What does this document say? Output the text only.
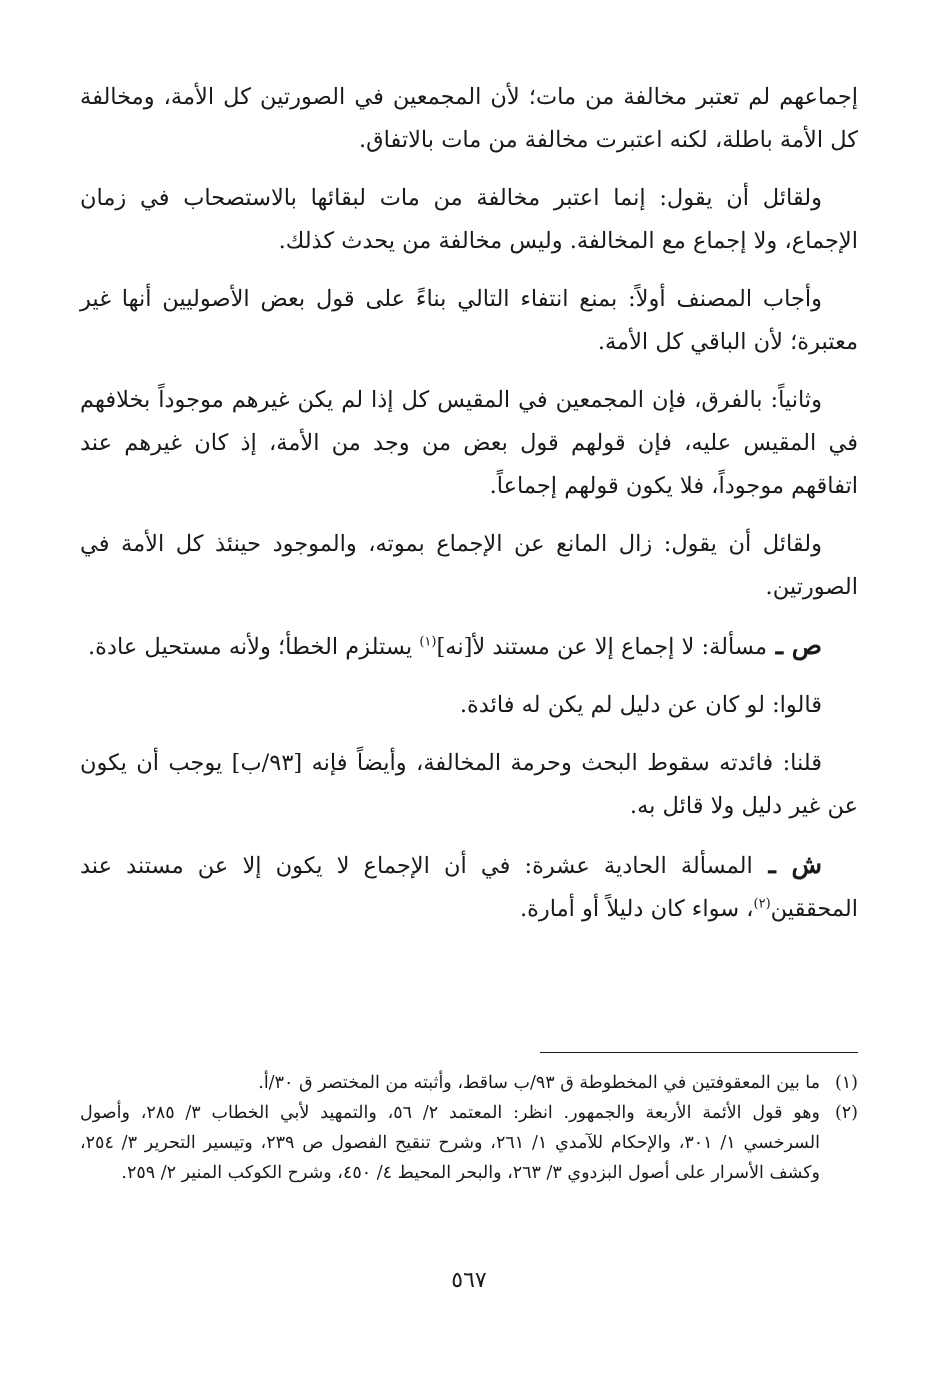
إجماعهم لم تعتبر مخالفة من مات؛ لأن المجمعين في الصورتين كل الأمة، ومخالفة كل الأمة باطلة، لكنه اعتبرت مخالفة من مات بالاتفاق.

ولقائل أن يقول: إنما اعتبر مخالفة من مات لبقائها بالاستصحاب في زمان الإجماع، ولا إجماع مع المخالفة. وليس مخالفة من يحدث كذلك.

وأجاب المصنف أولاً: بمنع انتفاء التالي بناءً على قول بعض الأصوليين أنها غير معتبرة؛ لأن الباقي كل الأمة.

وثانياً: بالفرق، فإن المجمعين في المقيس كل إذا لم يكن غيرهم موجوداً بخلافهم في المقيس عليه، فإن قولهم قول بعض من وجد من الأمة، إذ كان غيرهم عند اتفاقهم موجوداً، فلا يكون قولهم إجماعاً.

ولقائل أن يقول: زال المانع عن الإجماع بموته، والموجود حينئذ كل الأمة في الصورتين.

ص ـ مسألة: لا إجماع إلا عن مستند لأ[نه]$^{(١)}$ يستلزم الخطأ؛ ولأنه مستحيل عادة.

قالوا: لو كان عن دليل لم يكن له فائدة.

قلنا: فائدته سقوط البحث وحرمة المخالفة، وأيضاً فإنه [٩٣/ب] يوجب أن يكون عن غير دليل ولا قائل به.

ش ـ المسألة الحادية عشرة: في أن الإجماع لا يكون إلا عن مستند عند المحققين$^{(٢)}$، سواء كان دليلاً أو أمارة.

(١)
ما بين المعقوفتين في المخطوطة ق ٩٣/ب ساقط، وأثبته من المختصر ق ٣٠/أ.

(٢)
وهو قول الأئمة الأربعة والجمهور. انظر: المعتمد ٢/ ٥٦، والتمهيد لأبي الخطاب ٣/ ٢٨٥، وأصول السرخسي ١/ ٣٠١، والإحكام للآمدي ١/ ٢٦١، وشرح تنقيح الفصول ص ٢٣٩، وتيسير التحرير ٣/ ٢٥٤، وكشف الأسرار على أصول البزدوي ٣/ ٢٦٣، والبحر المحيط ٤/ ٤٥٠، وشرح الكوكب المنير ٢/ ٢٥٩.

٥٦٧
